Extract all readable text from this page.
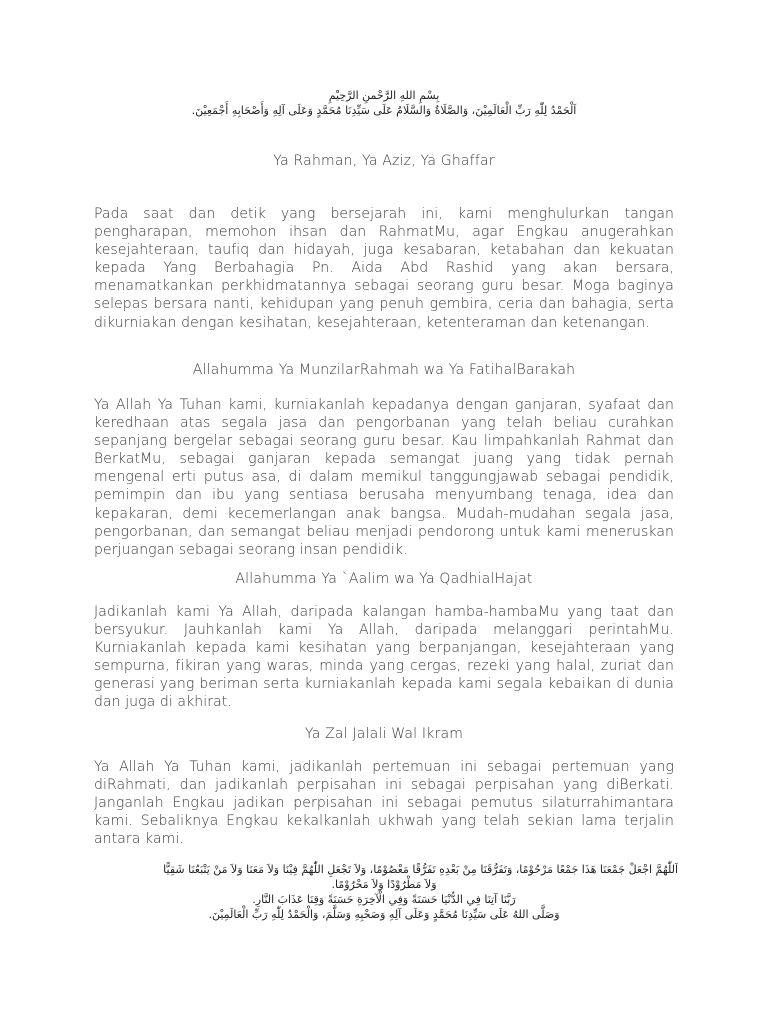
بِسْمِ اللهِ الرَّحْمنِ الرَّحِيْمِ
اَلْحَمْدُ لِلّٰهِ رَبِّ الْعَالَمِيْنَ، وَالصَّلَاةُ وَالسَّلَامُ عَلَى سَيِّدِنَا مُحَمَّدٍ وَعَلَى آلِهِ وَأَصْحَابِهِ أَجْمَعِيْنَ.
Ya Rahman, Ya Aziz, Ya Ghaffar

Pada saat dan detik yang bersejarah ini, kami menghulurkan tangan pengharapan, memohon ihsan dan RahmatMu, agar Engkau anugerahkan kesejahteraan, taufiq dan hidayah, juga kesabaran, ketabahan dan kekuatan kepada Yang Berbahagia Pn. Aida Abd Rashid yang akan bersara, menamatkankan perkhidmatannya sebagai seorang guru besar. Moga baginya selepas bersara nanti, kehidupan yang penuh gembira, ceria dan bahagia, serta dikurniakan dengan kesihatan, kesejahteraan, ketenteraman dan ketenangan.

Allahumma Ya MunzilarRahmah wa Ya FatihalBarakah

Ya Allah Ya Tuhan kami, kurniakanlah kepadanya dengan ganjaran, syafaat dan keredhaan atas segala jasa dan pengorbanan yang telah beliau curahkan sepanjang bergelar sebagai seorang guru besar. Kau limpahkanlah Rahmat dan BerkatMu, sebagai ganjaran kepada semangat juang yang tidak pernah mengenal erti putus asa, di dalam memikul tanggungjawab sebagai pendidik, pemimpin dan ibu yang sentiasa berusaha menyumbang tenaga, idea dan kepakaran, demi kecemerlangan anak bangsa. Mudah-mudahan segala jasa, pengorbanan, dan semangat beliau menjadi pendorong untuk kami meneruskan perjuangan sebagai seorang insan pendidik.

Allahumma Ya `Aalim wa Ya QadhialHajat

Jadikanlah kami Ya Allah, daripada kalangan hamba-hambaMu yang taat dan bersyukur. Jauhkanlah kami Ya Allah, daripada melanggari perintahMu. Kurniakanlah kepada kami kesihatan yang berpanjangan, kesejahteraan yang sempurna, fikiran yang waras, minda yang cergas, rezeki yang halal, zuriat dan generasi yang beriman serta kurniakanlah kepada kami segala kebaikan di dunia dan juga di akhirat.

Ya Zal Jalali Wal Ikram

Ya Allah Ya Tuhan kami, jadikanlah pertemuan ini sebagai pertemuan yang diRahmati, dan jadikanlah perpisahan ini sebagai perpisahan yang diBerkati. Janganlah Engkau jadikan perpisahan ini sebagai pemutus silaturrahimantara kami. Sebaliknya Engkau kekalkanlah ukhwah yang telah sekian lama terjalin antara kami.

اَللّٰهُمَّ اجْعَلْ جَمْعَنَا هَذَا جَمْعًا مَرْحُوْمًا، وَتَفَرُّقَنَا مِنْ بَعْدِهِ تَفَرُّقًا مَعْصُوْمًا، وَلاَ تَجْعَلِ اللّٰهُمَّ فِيْنَا وَلاَ مَعَنَا وَلاَ مَنْ يَتْبَعُنَا شَقِيًّا
وَلاَ مَطْرُوْدًا وَلاَ مَحْرُوْمًا.
رَبَّنَا آتِنَا فِي الدُّنْيَا حَسَنَةً وَفِي الْآخِرَةِ حَسَنَةً وَقِنَا عَذَابَ النَّارِ.
وَصَلَّى اللهُ عَلَى سَيِّدِنَا مُحَمَّدٍ وَعَلَى آلِهِ وَصَحْبِهِ وَسَلَّمَ، وَالْحَمْدُ لِلّٰهِ رَبِّ الْعَالَمِيْنَ.
